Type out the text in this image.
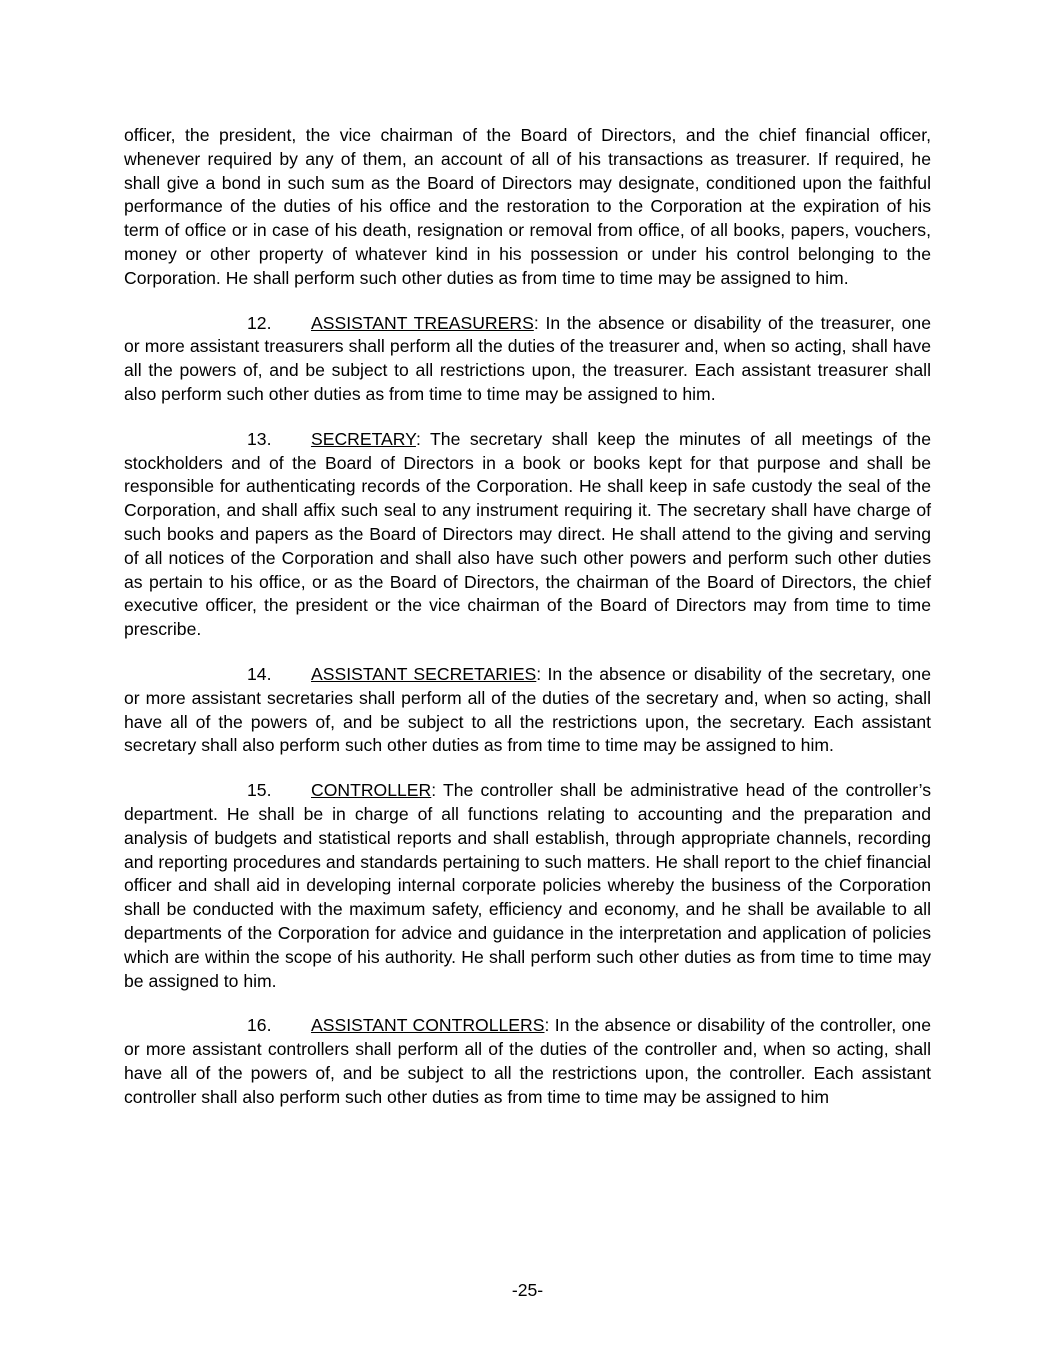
officer, the president, the vice chairman of the Board of Directors, and the chief financial officer, whenever required by any of them, an account of all of his transactions as treasurer. If required, he shall give a bond in such sum as the Board of Directors may designate, conditioned upon the faithful performance of the duties of his office and the restoration to the Corporation at the expiration of his term of office or in case of his death, resignation or removal from office, of all books, papers, vouchers, money or other property of whatever kind in his possession or under his control belonging to the Corporation. He shall perform such other duties as from time to time may be assigned to him.

12. ASSISTANT TREASURERS: In the absence or disability of the treasurer, one or more assistant treasurers shall perform all the duties of the treasurer and, when so acting, shall have all the powers of, and be subject to all restrictions upon, the treasurer. Each assistant treasurer shall also perform such other duties as from time to time may be assigned to him.

13. SECRETARY: The secretary shall keep the minutes of all meetings of the stockholders and of the Board of Directors in a book or books kept for that purpose and shall be responsible for authenticating records of the Corporation. He shall keep in safe custody the seal of the Corporation, and shall affix such seal to any instrument requiring it. The secretary shall have charge of such books and papers as the Board of Directors may direct. He shall attend to the giving and serving of all notices of the Corporation and shall also have such other powers and perform such other duties as pertain to his office, or as the Board of Directors, the chairman of the Board of Directors, the chief executive officer, the president or the vice chairman of the Board of Directors may from time to time prescribe.

14. ASSISTANT SECRETARIES: In the absence or disability of the secretary, one or more assistant secretaries shall perform all of the duties of the secretary and, when so acting, shall have all of the powers of, and be subject to all the restrictions upon, the secretary. Each assistant secretary shall also perform such other duties as from time to time may be assigned to him.

15. CONTROLLER: The controller shall be administrative head of the controller’s department. He shall be in charge of all functions relating to accounting and the preparation and analysis of budgets and statistical reports and shall establish, through appropriate channels, recording and reporting procedures and standards pertaining to such matters. He shall report to the chief financial officer and shall aid in developing internal corporate policies whereby the business of the Corporation shall be conducted with the maximum safety, efficiency and economy, and he shall be available to all departments of the Corporation for advice and guidance in the interpretation and application of policies which are within the scope of his authority. He shall perform such other duties as from time to time may be assigned to him.

16. ASSISTANT CONTROLLERS: In the absence or disability of the controller, one or more assistant controllers shall perform all of the duties of the controller and, when so acting, shall have all of the powers of, and be subject to all the restrictions upon, the controller. Each assistant controller shall also perform such other duties as from time to time may be assigned to him

-25-
